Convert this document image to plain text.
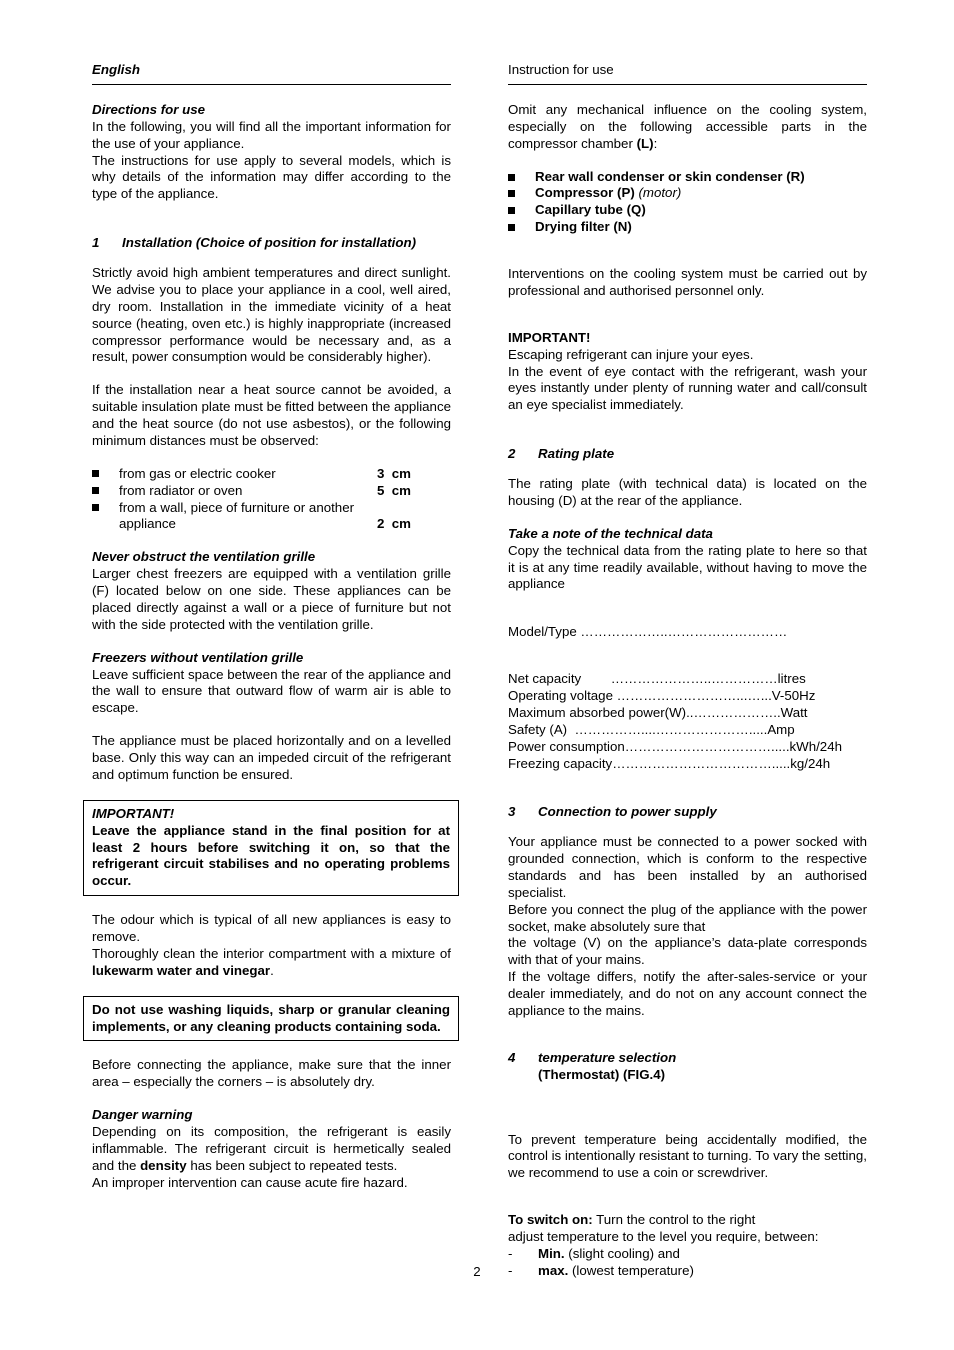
English
Directions for use

In the following, you will find all the important information for the use of your appliance.

The instructions for use apply to several models, which is why details of the information may differ according to the type of the appliance.

1	Installation (Choice of position for installation)

Strictly avoid high ambient temperatures and direct sunlight. We advise you to place your appliance in a cool, well aired, dry room. Installation in the immediate vicinity of a heat source (heating, oven etc.) is highly inappropriate (increased compressor performance would be necessary and, as a result, power consumption would be considerably higher).

If the installation near a heat source cannot be avoided, a suitable insulation plate must be fitted between the appliance and the heat source (do not use asbestos), or the following minimum distances must be observed:

from gas or electric cooker	3  cm
from radiator or oven	5  cm
from a wall, piece of furniture or another appliance	2  cm
Never obstruct the ventilation grille

Larger chest freezers are equipped with a ventilation grille (F) located below on one side. These appliances can be placed directly against a wall or a piece of furniture but not with the side protected with the ventilation grille.

Freezers without ventilation grille

Leave sufficient space between the rear of the appliance and the wall to ensure that outward flow of warm air is able to escape.

The appliance must be placed horizontally and on a levelled base. Only this way can an impeded circuit of the refrigerant and optimum function be ensured.

IMPORTANT!
Leave the appliance stand in the final position for at least 2 hours before switching it on, so that the refrigerant circuit stabilises and no operating problems occur.

The odour which is typical of all new appliances is easy to remove.

Thoroughly clean the interior compartment with a mixture of lukewarm water and vinegar.

Do not use washing liquids, sharp or granular cleaning implements, or any cleaning products containing soda.

Before connecting the appliance, make sure that the inner area – especially the corners – is absolutely dry.

Danger warning

Depending on its composition, the refrigerant is easily inflammable. The refrigerant circuit is hermetically sealed and the density has been subject to repeated tests.

An improper intervention can cause acute fire hazard.

Instruction for use

Omit any mechanical influence on the cooling system, especially on the following accessible parts in the compressor chamber (L):

Rear wall condenser or skin condenser (R)
Compressor (P) (motor)
Capillary tube (Q)
Drying filter (N)

Interventions on the cooling system must be carried out by professional and authorised personnel only.

IMPORTANT!

Escaping refrigerant can injure your eyes.

In the event of eye contact with the refrigerant, wash your eyes instantly under plenty of running water and call/consult an eye specialist immediately.

2	Rating plate

The rating plate (with technical data) is located on the housing (D) at the rear of the appliance.

Take a note of the technical data

Copy the technical data from the rating plate to here so that it is at any time readily available, without having to move the appliance

Model/Type ………………..………………………
Net capacity        …………………..……………litres
Operating voltage ………………………...…...V-50Hz
Maximum absorbed power(W)..………………..Watt
Safety (A)  ……………....………………….....Amp
Power consumption…………………………….....kWh/24h
Freezing capacity……………………………….....kg/24h
3	Connection to power supply

Your appliance must be connected to a power socked with grounded connection, which is conform to the respective standards and has been installed by an authorised specialist.

Before you connect the plug of the appliance with the power socket, make absolutely sure that

the voltage (V) on the appliance’s data-plate corresponds with that of your mains.

If the voltage differs, notify the after-sales-service or your dealer immediately, and do not on any account connect the appliance to the mains.

4	temperature selection
(Thermostat) (FIG.4)

To prevent temperature being accidentally modified, the control is intentionally resistant to turning. To vary the setting, we recommend to use a coin or screwdriver.

To switch on: Turn the control to the right

adjust temperature to the level you require, between:

-	Min. (slight cooling) and
-	max. (lowest temperature)
2
